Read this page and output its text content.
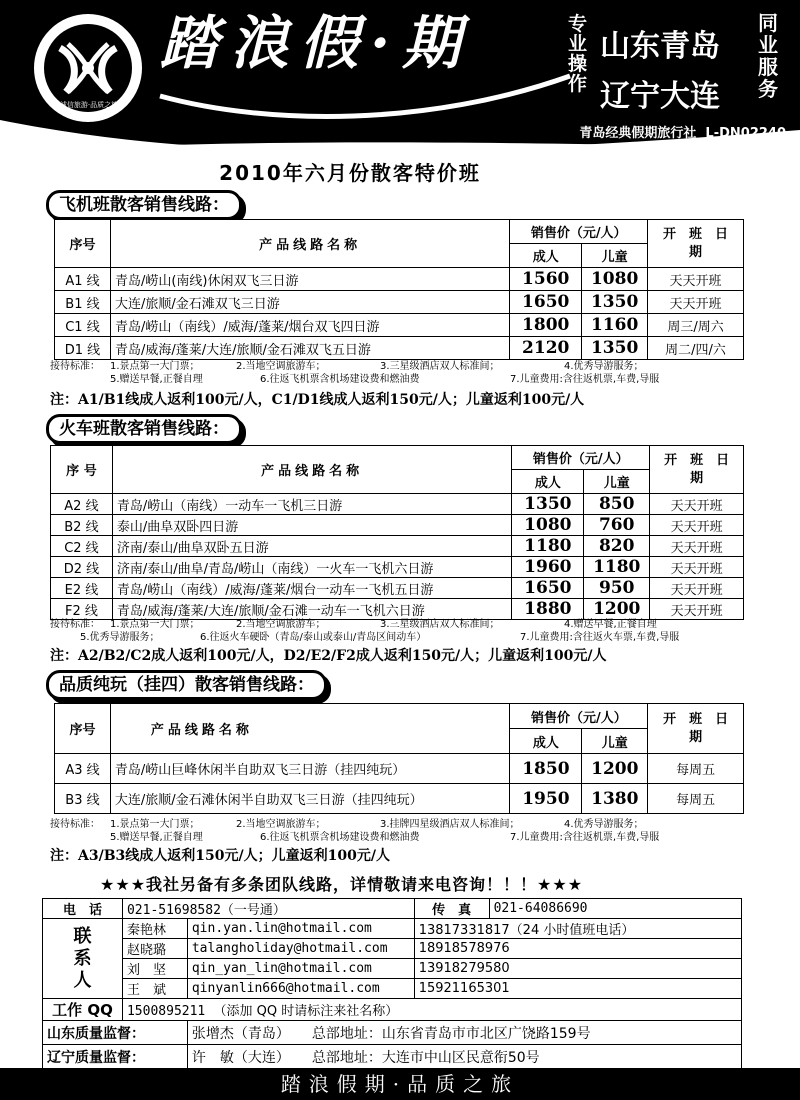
诚信旅游·品质之旅
踏浪假·期	专
业
操
作
山东青岛
辽宁大连
同
业
服
务
青岛经典假期旅行社 L-DN02240
大连航空旅行社 L-LN-GN2206
2010年六月份散客特价班
飞机班散客销售线路：
序号	产品线路名称	销售价（元/人）		开　班　日　期
		成人	儿童	
A1 线	青岛/崂山(南线)休闲双飞三日游	1560	1080	天天开班
B1 线	大连/旅顺/金石滩双飞三日游	1650	1350	天天开班
C1 线	青岛/崂山（南线）/威海/蓬莱/烟台双飞四日游	1800	1160	周三/周六
D1 线	青岛/威海/蓬莱/大连/旅顺/金石滩双飞五日游	2120	1350	周二/四/六
接待标准： 1.景点第一大门票；	2.当地空调旅游车；	3.三星级酒店双人标准间；	4.优秀导游服务；
5.赠送早餐,正餐自理	6.往返飞机票含机场建设费和燃油费	7.儿童费用:含往返机票,车费,导服
注：A1/B1线成人返利100元/人，C1/D1线成人返利150元/人；儿童返利100元/人
火车班散客销售线路：
序 号	产品线路名称	销售价（元/人）		开　班　日　期
		成人	儿童	
A2 线	青岛/崂山（南线）一动车一飞机三日游	1350	850	天天开班
B2 线	泰山/曲阜双卧四日游	1080	760	天天开班
C2 线	济南/泰山/曲阜双卧五日游	1180	820	天天开班
D2 线	济南/泰山/曲阜/青岛/崂山（南线）一火车一飞机六日游	1960	1180	天天开班
E2 线	青岛/崂山（南线）/威海/蓬莱/烟台一动车一飞机五日游	1650	950	天天开班
F2 线	青岛/威海/蓬莱/大连/旅顺/金石滩一动车一飞机六日游	1880	1200	天天开班
接待标准： 1.景点第一大门票；	2.当地空调旅游车；	3.三星级酒店双人标准间；	4.赠送早餐,正餐自理
5.优秀导游服务；	6.往返火车硬卧（青岛/泰山或泰山/青岛区间动车）	7.儿童费用:含往返火车票,车费,导服
注：A2/B2/C2成人返利100元/人，D2/E2/F2成人返利150元/人；儿童返利100元/人
品质纯玩（挂四）散客销售线路：
序号	产品线路名称	销售价（元/人）		开　班　日　期
		成人	儿童	
A3 线	青岛/崂山巨峰休闲半自助双飞三日游（挂四纯玩）	1850	1200	每周五
B3 线	大连/旅顺/金石滩休闲半自助双飞三日游（挂四纯玩）	1950	1380	每周五
接待标准： 1.景点第一大门票；	2.当地空调旅游车；	3.挂牌四星级酒店双人标准间；	4.优秀导游服务；
5.赠送早餐,正餐自理	6.往返飞机票含机场建设费和燃油费	7.儿童费用:含往返机票,车费,导服
注：A3/B3线成人返利150元/人；儿童返利100元/人
★★★我社另备有多条团队线路，详情敬请来电咨询！！！★★★
电　话	021-51698582（一号通）		传　真	021-64086690
联系人	秦艳林	qin.yan.lin@hotmail.com	13817331817（24 小时值班电话）	
	赵晓璐	talangholiday@hotmail.com	18918578976	
	刘　坚	qin_yan_lin@hotmail.com	13918279580	
	王　斌	qinyanlin666@hotmail.com	15921165301	
工作 QQ	1500895211 （添加 QQ 时请标注来社名称）			
山东质量监督：		张增杰（青岛） 总部地址：山东省青岛市市北区广饶路159号		
辽宁质量监督：		许　敏（大连） 总部地址：大连市中山区民意衔50号		
踏浪假期·品质之旅
